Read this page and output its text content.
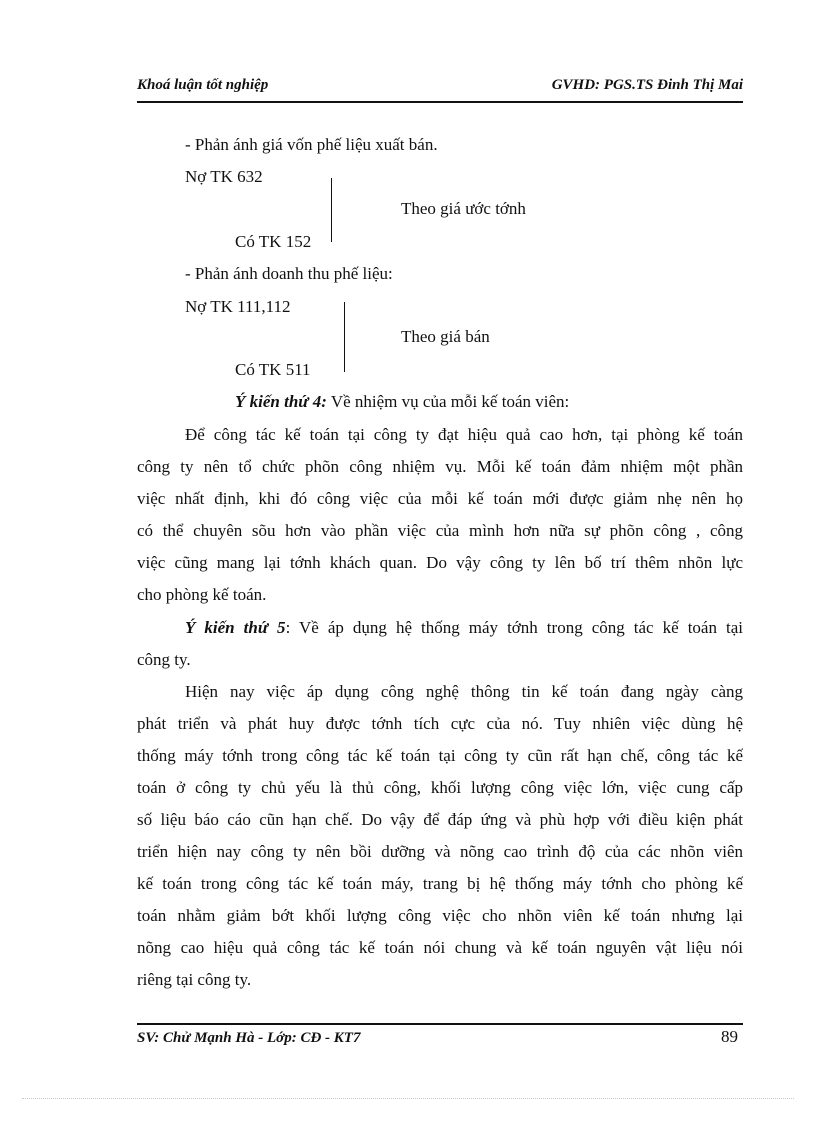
Khoá luận tốt nghiệp	GVHD: PGS.TS Đinh Thị Mai
- Phản ánh giá vốn phế liệu xuất bán.
Nợ TK 632
Theo giá ước tớnh
Có TK 152
- Phản ánh doanh thu phế liệu:
Nợ TK 111,112
Theo giá bán
Có TK 511
Ý kiến thứ 4: Về nhiệm vụ của mỗi kế toán viên:
Để công tác kế toán tại công ty đạt hiệu quả cao hơn, tại phòng kế toán
công ty nên tổ chức phõn công nhiệm vụ. Mỗi kế toán đảm nhiệm một phần
việc nhất định, khi đó công việc của mỗi kế toán mới được giảm nhẹ nên họ
có thể chuyên sõu hơn vào phần việc của mình hơn nữa sự phõn công , công
việc cũng mang lại tớnh khách quan. Do vậy công ty lên bố trí thêm nhõn lực
cho phòng kế toán.
Ý kiến thứ 5: Về áp dụng hệ thống máy tớnh trong công tác kế toán tại
công ty.
Hiện nay việc áp dụng công nghệ thông tin kế toán đang ngày càng
phát triển và phát huy được tớnh tích cực của nó. Tuy nhiên việc dùng hệ
thống máy tớnh trong công tác kế toán tại công ty cũn rất hạn chế, công tác kế
toán ở công ty chủ yếu là thủ công, khối lượng công việc lớn, việc cung cấp
số liệu báo cáo cũn hạn chế. Do vậy để đáp ứng và phù hợp với điều kiện phát
triển hiện nay công ty nên bồi dưỡng và nõng cao trình độ của các nhõn viên
kế toán trong công tác kế toán máy, trang bị hệ thống máy tớnh cho phòng kế
toán nhằm giảm bớt khối lượng công việc cho nhõn viên kế toán nhưng lại
nõng cao hiệu quả công tác kế toán nói chung và kế toán nguyên vật liệu nói
riêng tại công ty.
SV: Chử Mạnh Hà - Lớp: CĐ - KT7	89
